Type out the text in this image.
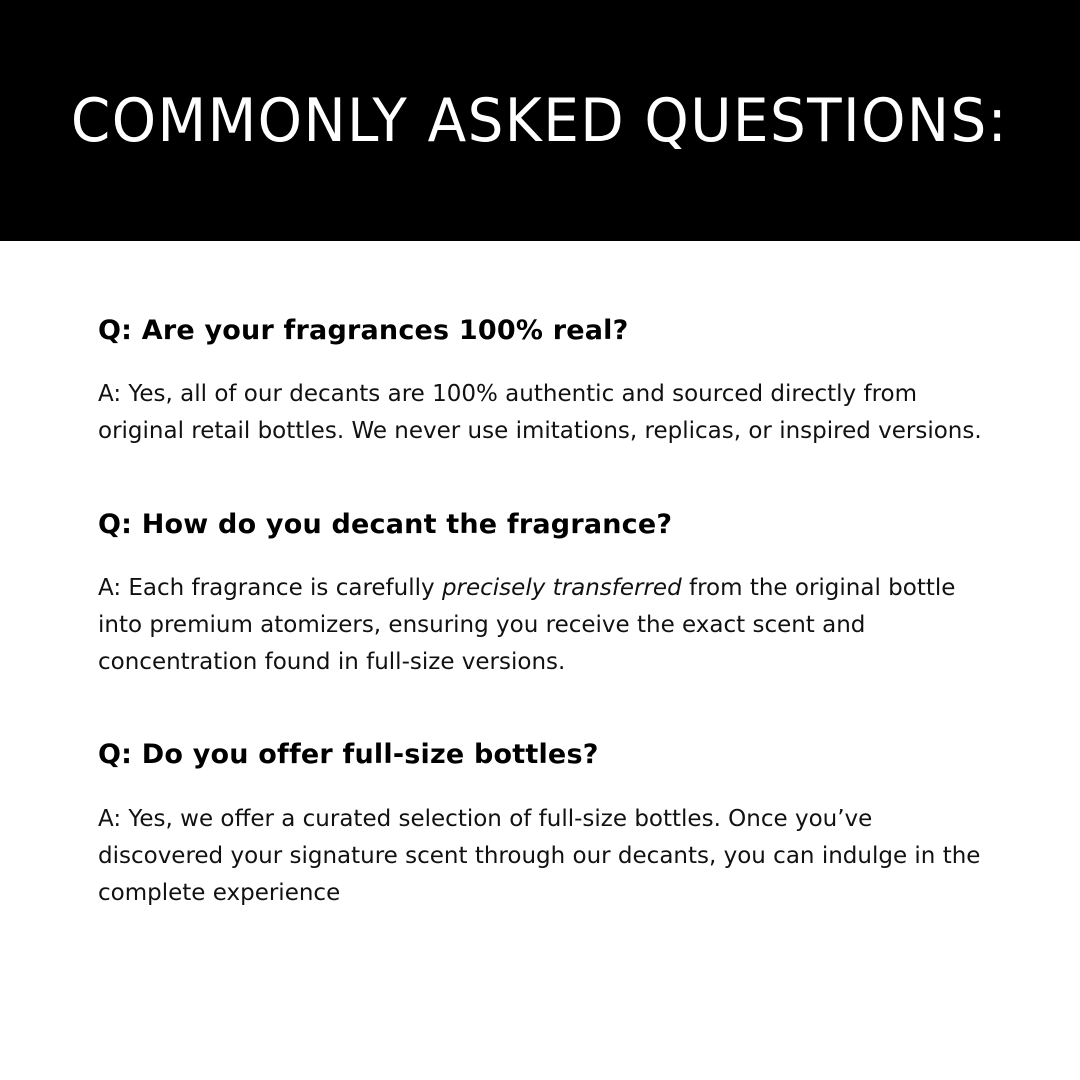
COMMONLY ASKED QUESTIONS:

Q: Are your fragrances 100% real?

A: Yes, all of our decants are 100% authentic and sourced directly from original retail bottles. We never use imitations, replicas, or inspired versions.

Q: How do you decant the fragrance?

A: Each fragrance is carefully precisely transferred from the original bottle into premium atomizers, ensuring you receive the exact scent and concentration found in full-size versions.

Q: Do you offer full-size bottles?

A: Yes, we offer a curated selection of full-size bottles. Once you’ve discovered your signature scent through our decants, you can indulge in the complete experience
